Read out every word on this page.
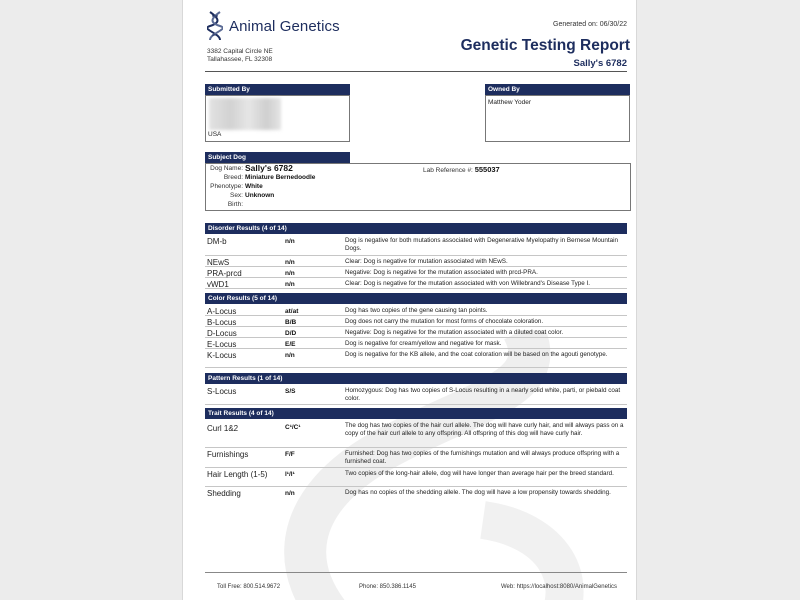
Animal Genetics	Generated on: 06/30/22
3382 Capital Circle NE
Tallahassee, FL 32308
Genetic Testing Report
Sally's 6782
Submitted By
USA
Owned By
Matthew Yoder
Subject Dog
Dog Name: Sally's 6782
Breed: Miniature Bernedoodle
Phenotype: White
Sex: Unknown
Birth:
Lab Reference #: 555037
Disorder Results (4 of 14)
DM-b	n/n	Dog is negative for both mutations associated with Degenerative Myelopathy in Bernese Mountain Dogs.
NEwS	n/n	Clear: Dog is negative for mutation associated with NEwS.
PRA-prcd	n/n	Negative: Dog is negative for the mutation associated with prcd-PRA.
vWD1	n/n	Clear: Dog is negative for the mutation associated with von Willebrand's Disease Type I.
Color Results (5 of 14)
A-Locus	at/at	Dog has two copies of the gene causing tan points.
B-Locus	B/B	Dog does not carry the mutation for most forms of chocolate coloration.
D-Locus	D/D	Negative: Dog is negative for the mutation associated with a diluted coat color.
E-Locus	E/E	Dog is negative for cream/yellow and negative for mask.
K-Locus	n/n	Dog is negative for the KB allele, and the coat coloration will be based on the agouti genotype.
Pattern Results (1 of 14)
S-Locus	S/S	Homozygous: Dog has two copies of S-Locus resulting in a nearly solid white, parti, or piebald coat color.
Trait Results (4 of 14)
Curl 1&2	C¹/C¹	The dog has two copies of the hair curl allele. The dog will have curly hair, and will always pass on a copy of the hair curl allele to any offspring. All offspring of this dog will have curly hair.
Furnishings	F/F	Furnished: Dog has two copies of the furnishings mutation and will always produce offspring with a furnished coat.
Hair Length (1-5)	l¹/l¹	Two copies of the long-hair allele, dog will have longer than average hair per the breed standard.
Shedding	n/n	Dog has no copies of the shedding allele. The dog will have a low propensity towards shedding.
Toll Free: 800.514.9672	Phone: 850.386.1145	Web: https://localhost:8080/AnimalGenetics
